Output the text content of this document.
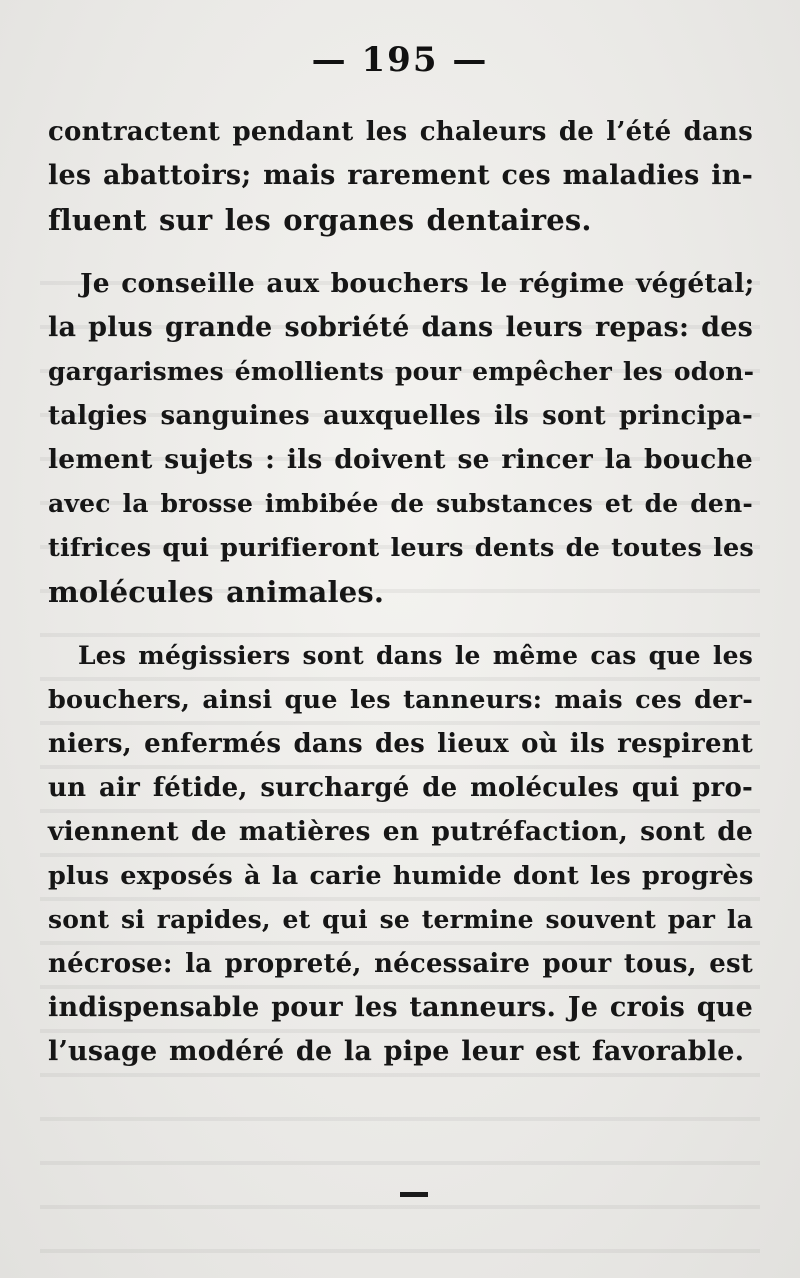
— 195 —
contractent pendant les chaleurs de l’été dans
les abattoirs; mais rarement ces maladies in-
fluent sur les organes dentaires.
Je conseille aux bouchers le régime végétal;
la plus grande sobriété dans leurs repas: des
gargarismes émollients pour empêcher les odon-
talgies sanguines auxquelles ils sont principa-
lement sujets : ils doivent se rincer la bouche
avec la brosse imbibée de substances et de den-
tifrices qui purifieront leurs dents de toutes les
molécules animales.
Les mégissiers sont dans le même cas que les
bouchers, ainsi que les tanneurs: mais ces der-
niers, enfermés dans des lieux où ils respirent
un air fétide, surchargé de molécules qui pro-
viennent de matières en putréfaction, sont de
plus exposés à la carie humide dont les progrès
sont si rapides, et qui se termine souvent par la
nécrose: la propreté, nécessaire pour tous, est
indispensable pour les tanneurs. Je crois que
l’usage modéré de la pipe leur est favorable.
